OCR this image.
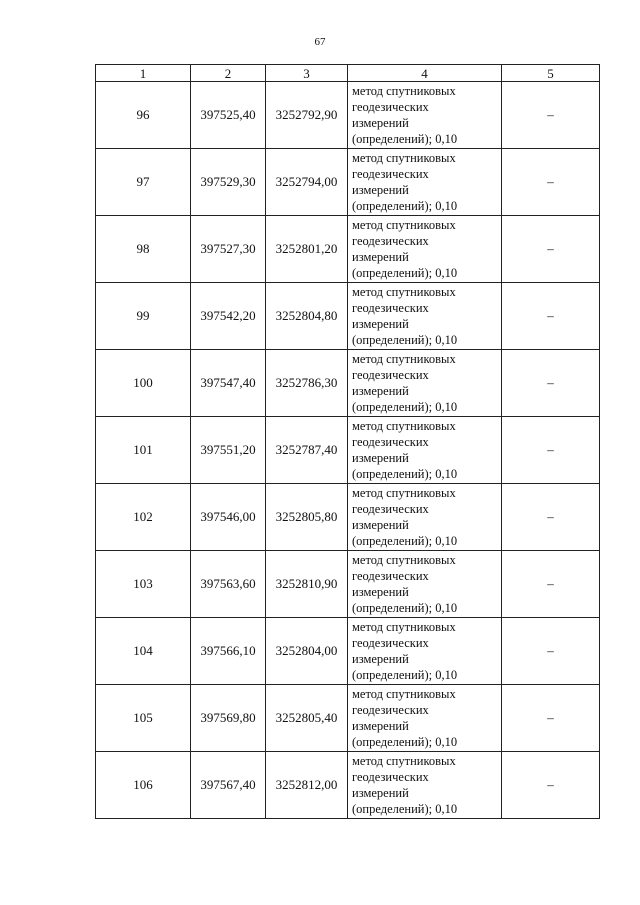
67
1	2	3	4	5
96	397525,40	3252792,90	метод спутниковых
геодезических
измерений
(определений); 0,10	–
97	397529,30	3252794,00	метод спутниковых
геодезических
измерений
(определений); 0,10	–
98	397527,30	3252801,20	метод спутниковых
геодезических
измерений
(определений); 0,10	–
99	397542,20	3252804,80	метод спутниковых
геодезических
измерений
(определений); 0,10	–
100	397547,40	3252786,30	метод спутниковых
геодезических
измерений
(определений); 0,10	–
101	397551,20	3252787,40	метод спутниковых
геодезических
измерений
(определений); 0,10	–
102	397546,00	3252805,80	метод спутниковых
геодезических
измерений
(определений); 0,10	–
103	397563,60	3252810,90	метод спутниковых
геодезических
измерений
(определений); 0,10	–
104	397566,10	3252804,00	метод спутниковых
геодезических
измерений
(определений); 0,10	–
105	397569,80	3252805,40	метод спутниковых
геодезических
измерений
(определений); 0,10	–
106	397567,40	3252812,00	метод спутниковых
геодезических
измерений
(определений); 0,10	–
